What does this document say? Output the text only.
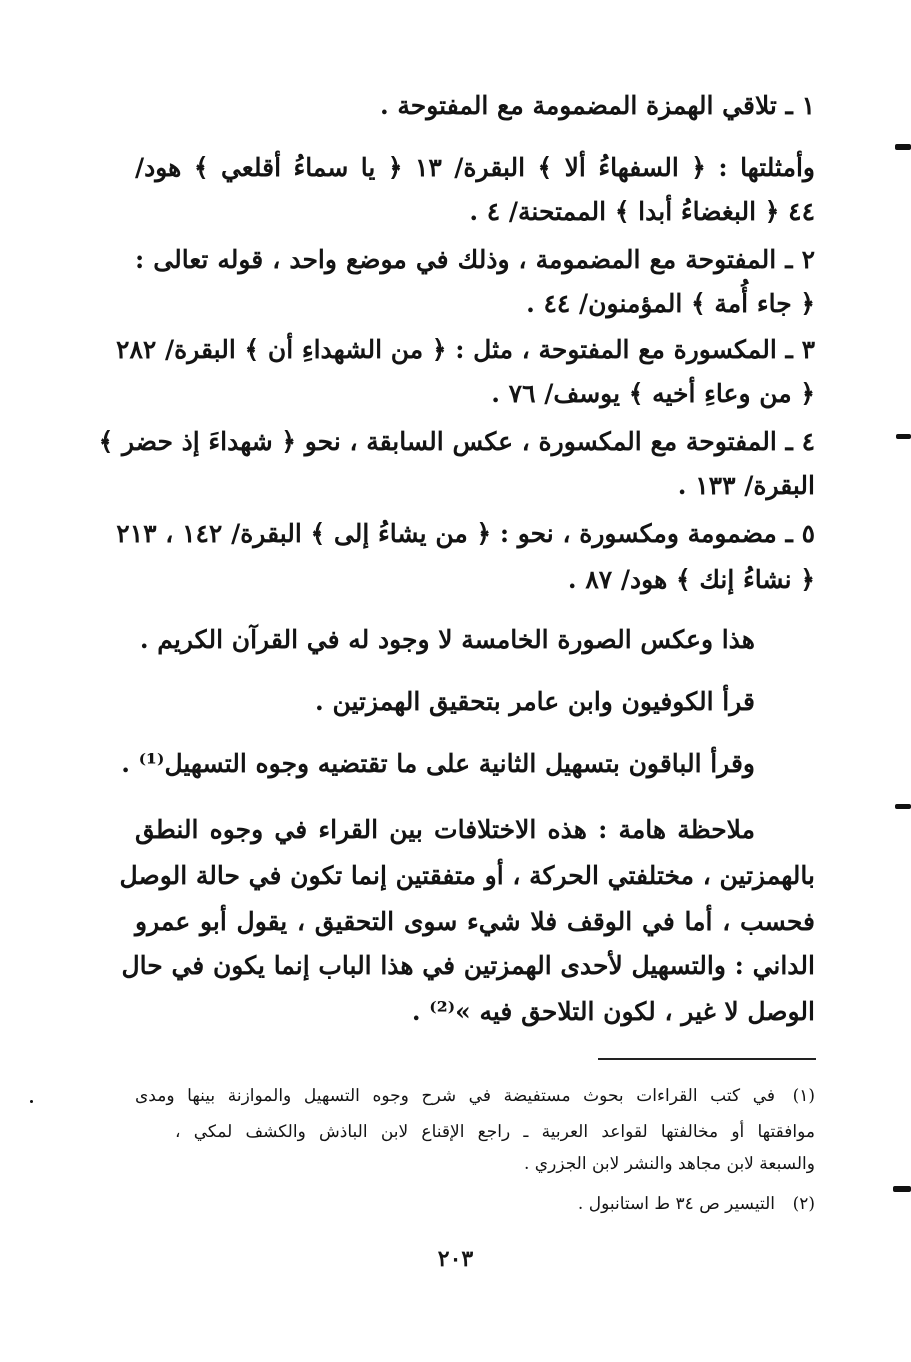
١ ـ تلاقي الهمزة المضمومة مع المفتوحة .
وأمثلتها : ﴿ السفهاءُ ألا ﴾ البقرة/ ١٣ ﴿ يا سماءُ أقلعي ﴾ هود/
٤٤ ﴿ البغضاءُ أبدا ﴾ الممتحنة/ ٤ .
٢ ـ المفتوحة مع المضمومة ، وذلك في موضع واحد ، قوله تعالى :
﴿ جاء أُمة ﴾ المؤمنون/ ٤٤ .
٣ ـ المكسورة مع المفتوحة ، مثل : ﴿ من الشهداءِ أن ﴾ البقرة/ ٢٨٢
﴿ من وعاءِ أخيه ﴾ يوسف/ ٧٦ .
٤ ـ المفتوحة مع المكسورة ، عكس السابقة ، نحو ﴿ شهداءَ إذ حضر ﴾
البقرة/ ١٣٣ .
٥ ـ مضمومة ومكسورة ، نحو : ﴿ من يشاءُ إلى ﴾ البقرة/ ١٤٢ ، ٢١٣
﴿ نشاءُ إنك ﴾ هود/ ٨٧ .
هذا وعكس الصورة الخامسة لا وجود له في القرآن الكريم .
قرأ الكوفيون وابن عامر بتحقيق الهمزتين .
وقرأ الباقون بتسهيل الثانية على ما تقتضيه وجوه التسهيل⁽¹⁾ .
ملاحظة هامة : هذه الاختلافات بين القراء في وجوه النطق
بالهمزتين ، مختلفتي الحركة ، أو متفقتين إنما تكون في حالة الوصل
فحسب ، أما في الوقف فلا شيء سوى التحقيق ، يقول أبو عمرو
الداني : والتسهيل لأحدى الهمزتين في هذا الباب إنما يكون في حال
الوصل لا غير ، لكون التلاحق فيه »⁽²⁾ .
(١)في كتب القراءات بحوث مستفيضة في شرح وجوه التسهيل والموازنة بينها ومدى
موافقتها أو مخالفتها لقواعد العربية ـ راجع الإقناع لابن الباذش والكشف لمكي ،
والسبعة لابن مجاهد والنشر لابن الجزري .
(٢)التيسير ص ٣٤ ط استانبول .
٢٠٣
